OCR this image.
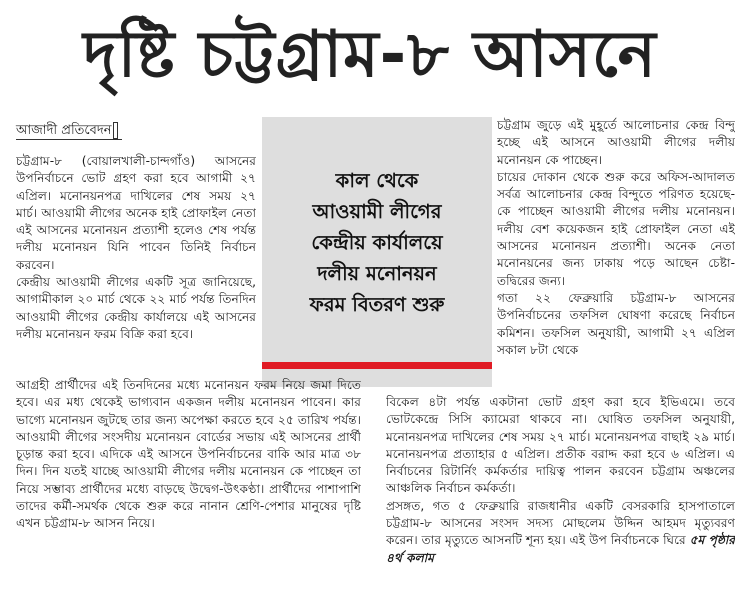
দৃষ্টি চট্টগ্রাম-৮ আসনে
আজাদী প্রতিবেদন

চট্টগ্রাম-৮ (বোয়ালখালী-চান্দগাঁও) আসনের উপনির্বাচনে ভোট গ্রহণ করা হবে আগামী ২৭ এপ্রিল। মনোনয়নপত্র দাখিলের শেষ সময় ২৭ মার্চ। আওয়ামী লীগের অনেক হাই প্রোফাইল নেতা এই আসনের মনোনয়ন প্রত্যাশী হলেও শেষ পর্যন্ত দলীয় মনোনয়ন যিনি পাবেন তিনিই নির্বাচন করবেন।

কেন্দ্রীয় আওয়ামী লীগের একটি সূত্র জানিয়েছে, আগামীকাল ২০ মার্চ থেকে ২২ মার্চ পর্যন্ত তিনদিন আওয়ামী লীগের কেন্দ্রীয় কার্যালয়ে এই আসনের দলীয় মনোনয়ন ফরম বিক্রি করা হবে।

কাল থেকে
আওয়ামী লীগের
কেন্দ্রীয় কার্যালয়ে
দলীয় মনোনয়ন
ফরম বিতরণ শুরু

চট্টগ্রাম জুড়ে এই মুহূর্তে আলোচনার কেন্দ্র বিন্দু হচ্ছে এই আসনে আওয়ামী লীগের দলীয় মনোনয়ন কে পাচ্ছেন।

চায়ের দোকান থেকে শুরু করে অফিস-আদালত সর্বত্র আলোচনার কেন্দ্র বিন্দুতে পরিণত হয়েছে- কে পাচ্ছেন আওয়ামী লীগের দলীয় মনোনয়ন। দলীয় বেশ কয়েকজন হাই প্রোফাইল নেতা এই আসনের মনোনয়ন প্রত্যাশী। অনেক নেতা মনোনয়নের জন্য ঢাকায় পড়ে আছেন চেষ্টা-তদ্বিরের জন্য।

গতা ২২ ফেব্রুয়ারি চট্টগ্রাম-৮ আসনের উপনির্বাচনের তফসিল ঘোষণা করেছে নির্বাচন কমিশন। তফসিল অনুযায়ী, আগামী ২৭ এপ্রিল সকাল ৮টা থেকে

আগ্রহী প্রার্থীদের এই তিনদিনের মধ্যে মনোনয়ন ফরম নিয়ে জমা দিতে হবে। এর মধ্য থেকেই ভাগ্যবান একজন দলীয় মনোনয়ন পাবেন। কার ভাগ্যে মনোনয়ন জুটছে তার জন্য অপেক্ষা করতে হবে ২৫ তারিখ পর্যন্ত। আওয়ামী লীগের সংসদীয় মনোনয়ন বোর্ডের সভায় এই আসনের প্রার্থী চূড়ান্ত করা হবে। এদিকে এই আসনে উপনির্বাচনের বাকি আর মাত্র ৩৮ দিন। দিন যতই যাচ্ছে আওয়ামী লীগের দলীয় মনোনয়ন কে পাচ্ছেন তা নিয়ে সম্ভাব্য প্রার্থীদের মধ্যে বাড়ছে উদ্বেগ-উৎকণ্ঠা। প্রার্থীদের পাশাপাশি তাদের কর্মী-সমর্থক থেকে শুরু করে নানান শ্রেণি-পেশার মানুষের দৃষ্টি এখন চট্টগ্রাম-৮ আসন নিয়ে।

বিকেল ৪টা পর্যন্ত একটানা ভোট গ্রহণ করা হবে ইভিএমে। তবে ভোটকেন্দ্রে সিসি ক্যামেরা থাকবে না। ঘোষিত তফসিল অনুযায়ী, মনোনয়নপত্র দাখিলের শেষ সময় ২৭ মার্চ। মনোনয়নপত্র বাছাই ২৯ মার্চ। মনোনয়নপত্র প্রত্যাহার ৫ এপ্রিল। প্রতীক বরাদ্দ করা হবে ৬ এপ্রিল। এ নির্বাচনের রিটার্নিং কর্মকর্তার দায়িত্ব পালন করবেন চট্টগ্রাম অঞ্চলের আঞ্চলিক নির্বাচন কর্মকর্তা।

প্রসঙ্গত, গত ৫ ফেব্রুয়ারি রাজধানীর একটি বেসরকারি হাসপাতালে চট্টগ্রাম-৮ আসনের সংসদ সদস্য মোছলেম উদ্দিন আহমদ মৃত্যুবরণ করেন। তার মৃত্যুতে আসনটি শূন্য হয়। এই উপ নির্বাচনকে ঘিরে ৫ম পৃষ্ঠার ৪র্থ কলাম
